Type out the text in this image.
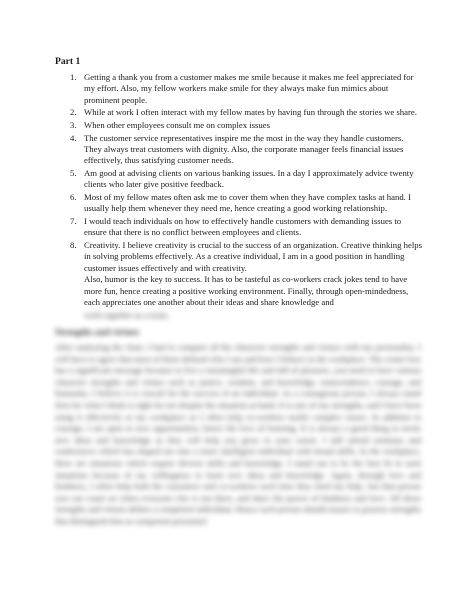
Part 1
1. Getting a thank you from a customer makes me smile because it makes me feel appreciated for my effort. Also, my fellow workers make smile for they always make fun mimics about prominent people.
2. While at work I often interact with my fellow mates by having fun through the stories we share.
3. When other employees consult me on complex issues
4. The customer service representatives inspire me the most in the way they handle customers. They always treat customers with dignity. Also, the corporate manager feels financial issues effectively, thus satisfying customer needs.
5. Am good at advising clients on various banking issues. In a day I approximately advice twenty clients who later give positive feedback.
6. Most of my fellow mates often ask me to cover them when they have complex tasks at hand. I usually help them whenever they need me, hence creating a good working relationship.
7. I would teach individuals on how to effectively handle customers with demanding issues to ensure that there is no conflict between employees and clients.
8. Creativity. I believe creativity is crucial to the success of an organization. Creative thinking helps in solving problems effectively. As a creative individual, I am in a good position in handling customer issues effectively and with creativity.
Also, humor is the key to success. It has to be tasteful as co-workers crack jokes tend to have more fun, hence creating a positive working environment. Finally, through open-mindedness, each appreciates one another about their ideas and share knowledge and
work together as a team.
Strengths and virtues
After analyzing the chart, I had to compare all the character strengths and virtues with my personality. I will have to agree that most of them defined who I am and how I behave in the workplace. The center box has a significant message because to live a meaningful life and full of pleasure, you need to have various character strengths and virtues such as justice, wisdom, and knowledge, transcendence, courage, and humanity. I believe it is crucial for the success of an individual. As a courageous person, I always stand firm for what I think is right for me despite the situation at hand. It is one of my strengths, and I have been using it effectively at my workplace as I often help co-workers tackle complex issues. In addition to courage, I am open to new opportunities, hence the love of learning. It is always a good thing to invite new ideas and knowledge as they will help you grow in your career. I still attend seminars and conferences which has shaped me into a more intelligent individual with broad skills. In the workplace, there are situations which require diverse skills and knowledge. I stand out to be the best fit in such situations because of my willingness to learn new ideas and knowledge. Again, through love and kindness, I often help both the customers and co-workers each time they need my help. Am that person you can count on when everyone else is not there, and that's the power of kindness and love. All these strengths and virtues define a competent individual. Hence each person should ensure to possess strengths that distinguish him as competent personnel.
